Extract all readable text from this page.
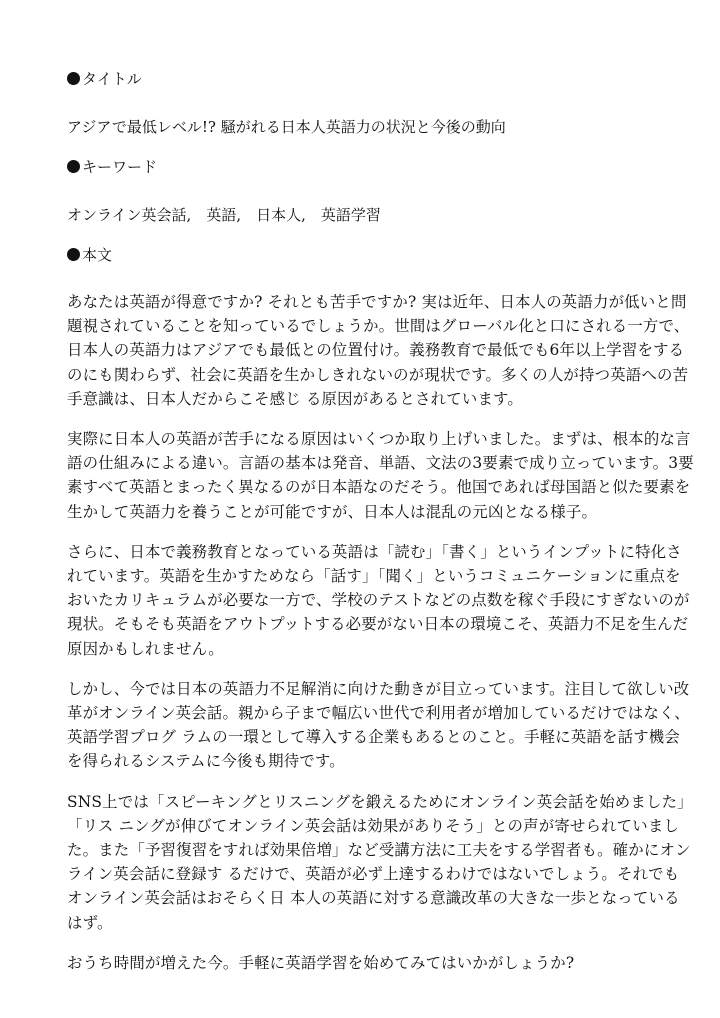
タイトル

アジアで最低レベル!? 騒がれる日本人英語力の状況と今後の動向

キーワード

オンライン英会話,　英語,　日本人,　英語学習

本文

あなたは英語が得意ですか? それとも苦手ですか? 実は近年、日本人の英語力が低いと問
題視されていることを知っているでしょうか。世間はグローバル化と口にされる一方で、
日本人の英語力はアジアでも最低との位置付け。義務教育で最低でも6年以上学習をする
のにも関わらず、社会に英語を生かしきれないのが現状です。多くの人が持つ英語への苦
手意識は、日本人だからこそ感じ る原因があるとされています。

実際に日本人の英語が苦手になる原因はいくつか取り上げいました。まずは、根本的な言
語の仕組みによる違い。言語の基本は発音、単語、文法の3要素で成り立っています。3要
素すべて英語とまったく異なるのが日本語なのだそう。他国であれば母国語と似た要素を
生かして英語力を養うことが可能ですが、日本人は混乱の元凶となる様子。

さらに、日本で義務教育となっている英語は「読む」「書く」というインプットに特化さ
れています。英語を生かすためなら「話す」「聞く」というコミュニケーションに重点を
おいたカリキュラムが必要な一方で、学校のテストなどの点数を稼ぐ手段にすぎないのが
現状。そもそも英語をアウトプットする必要がない日本の環境こそ、英語力不足を生んだ
原因かもしれません。

しかし、今では日本の英語力不足解消に向けた動きが目立っています。注目して欲しい改
革がオンライン英会話。親から子まで幅広い世代で利用者が増加しているだけではなく、
英語学習プログ ラムの一環として導入する企業もあるとのこと。手軽に英語を話す機会
を得られるシステムに今後も期待です。

SNS上では「スピーキングとリスニングを鍛えるためにオンライン英会話を始めました」
「リス ニングが伸びてオンライン英会話は効果がありそう」との声が寄せられていまし
た。また「予習復習をすれば効果倍増」など受講方法に工夫をする学習者も。確かにオン
ライン英会話に登録す るだけで、英語が必ず上達するわけではないでしょう。それでも
オンライン英会話はおそらく日 本人の英語に対する意識改革の大きな一歩となっている
はず。

おうち時間が増えた今。手軽に英語学習を始めてみてはいかがしょうか?
